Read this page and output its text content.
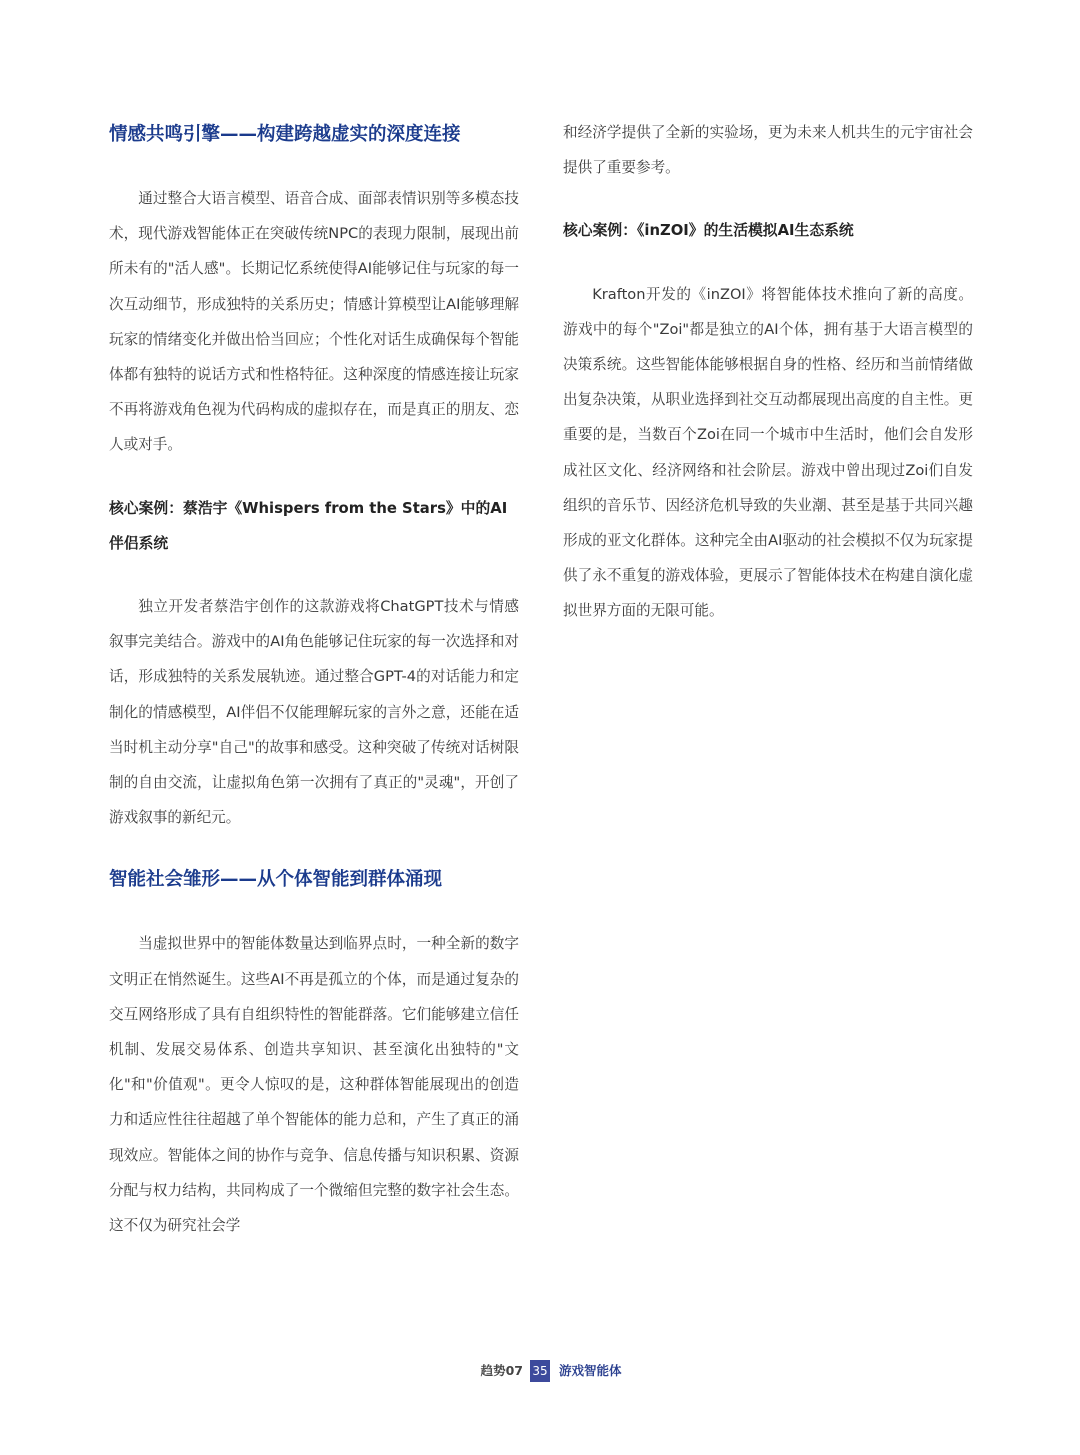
情感共鸣引擎——构建跨越虚实的深度连接

通过整合大语言模型、语音合成、面部表情识别等多模态技术，现代游戏智能体正在突破传统NPC的表现力限制，展现出前所未有的"活人感"。长期记忆系统使得AI能够记住与玩家的每一次互动细节，形成独特的关系历史；情感计算模型让AI能够理解玩家的情绪变化并做出恰当回应；个性化对话生成确保每个智能体都有独特的说话方式和性格特征。这种深度的情感连接让玩家不再将游戏角色视为代码构成的虚拟存在，而是真正的朋友、恋人或对手。

核心案例：蔡浩宇《Whispers from the Stars》中的AI伴侣系统

独立开发者蔡浩宇创作的这款游戏将ChatGPT技术与情感叙事完美结合。游戏中的AI角色能够记住玩家的每一次选择和对话，形成独特的关系发展轨迹。通过整合GPT-4的对话能力和定制化的情感模型，AI伴侣不仅能理解玩家的言外之意，还能在适当时机主动分享"自己"的故事和感受。这种突破了传统对话树限制的自由交流，让虚拟角色第一次拥有了真正的"灵魂"，开创了游戏叙事的新纪元。

智能社会雏形——从个体智能到群体涌现

当虚拟世界中的智能体数量达到临界点时，一种全新的数字文明正在悄然诞生。这些AI不再是孤立的个体，而是通过复杂的交互网络形成了具有自组织特性的智能群落。它们能够建立信任机制、发展交易体系、创造共享知识、甚至演化出独特的"文化"和"价值观"。更令人惊叹的是，这种群体智能展现出的创造力和适应性往往超越了单个智能体的能力总和，产生了真正的涌现效应。智能体之间的协作与竞争、信息传播与知识积累、资源分配与权力结构，共同构成了一个微缩但完整的数字社会生态。这不仅为研究社会学

和经济学提供了全新的实验场，更为未来人机共生的元宇宙社会提供了重要参考。

核心案例：《inZOI》的生活模拟AI生态系统

Krafton开发的《inZOI》将智能体技术推向了新的高度。游戏中的每个"Zoi"都是独立的AI个体，拥有基于大语言模型的决策系统。这些智能体能够根据自身的性格、经历和当前情绪做出复杂决策，从职业选择到社交互动都展现出高度的自主性。更重要的是，当数百个Zoi在同一个城市中生活时，他们会自发形成社区文化、经济网络和社会阶层。游戏中曾出现过Zoi们自发组织的音乐节、因经济危机导致的失业潮、甚至是基于共同兴趣形成的亚文化群体。这种完全由AI驱动的社会模拟不仅为玩家提供了永不重复的游戏体验，更展示了智能体技术在构建自演化虚拟世界方面的无限可能。

趋势07 35 游戏智能体
